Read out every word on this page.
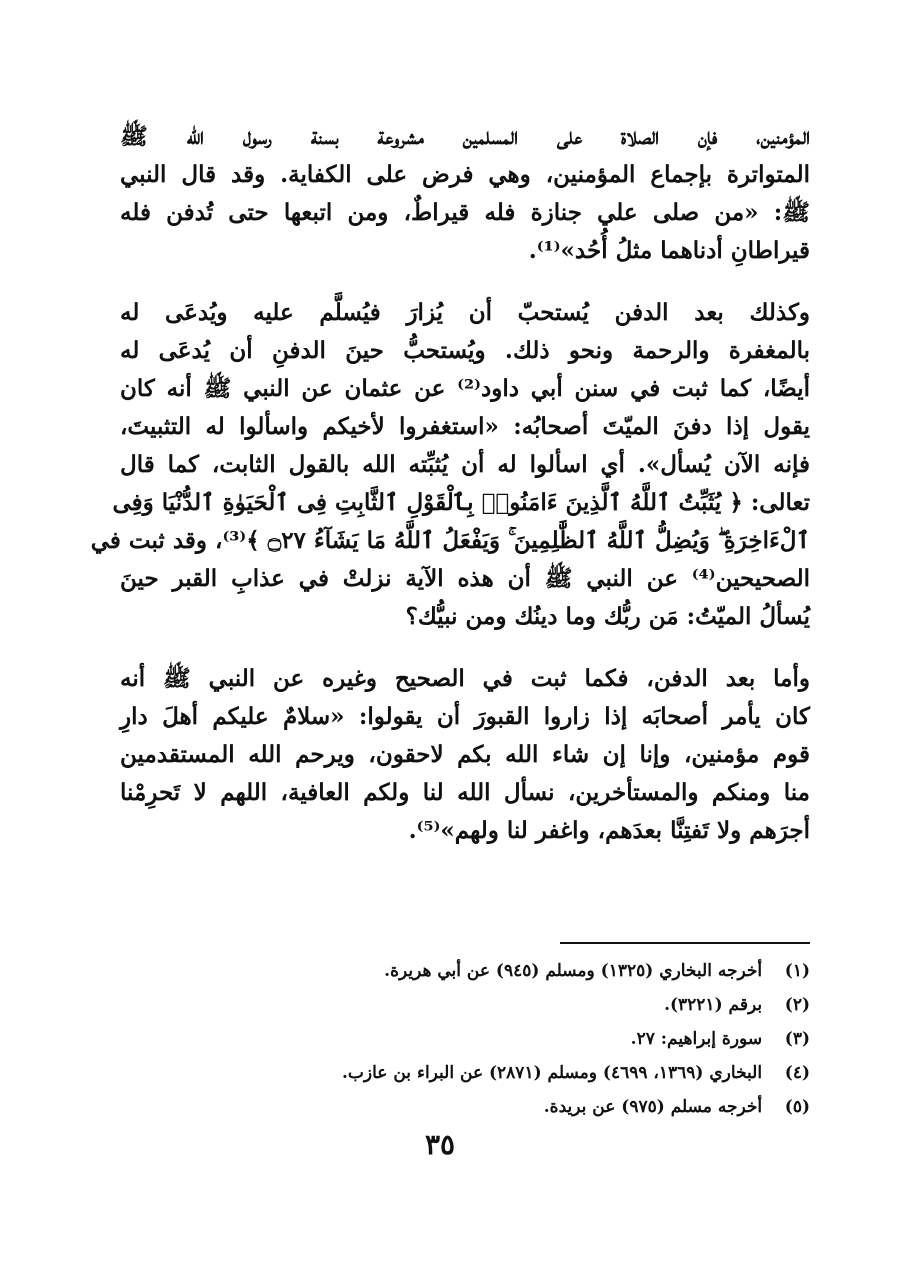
المؤمنين، فإن الصلاة على المسلمين مشروعة بسنة رسول الله ﷺ
المتواترة بإجماع المؤمنين، وهي فرض على الكفاية. وقد قال النبي
ﷺ: «من صلى علي جنازة فله قيراطٌ، ومن اتبعها حتى تُدفن فله
قيراطانِ أدناهما مثلُ أُحُد»⁽¹⁾.

وكذلك بعد الدفن يُستحبّ أن يُزارَ فيُسلَّم عليه ويُدعَى له
بالمغفرة والرحمة ونحو ذلك. ويُستحبُّ حينَ الدفنِ أن يُدعَى له
أيضًا، كما ثبت في سنن أبي داود⁽²⁾ عن عثمان عن النبي ﷺ أنه كان
يقول إذا دفنَ الميّتَ أصحابُه: «استغفروا لأخيكم واسألوا له التثبيتَ،
فإنه الآن يُسأل». أي اسألوا له أن يُثبِّته الله بالقول الثابت، كما قال
تعالى: ﴿ يُثَبِّتُ ٱللَّهُ ٱلَّذِينَ ءَامَنُوا۟ بِٱلْقَوْلِ ٱلثَّابِتِ فِى ٱلْحَيَوٰةِ ٱلدُّنْيَا وَفِى
ٱلْءَاخِرَةِ ۖ وَيُضِلُّ ٱللَّهُ ٱلظَّٰلِمِينَ ۚ وَيَفْعَلُ ٱللَّهُ مَا يَشَآءُ ۝٢٧ ﴾⁽³⁾، وقد ثبت في
الصحيحين⁽⁴⁾ عن النبي ﷺ أن هذه الآية نزلتْ في عذابِ القبر حينَ
يُسألُ الميّتُ: مَن ربُّك وما دينُك ومن نبيُّك؟

وأما بعد الدفن، فكما ثبت في الصحيح وغيره عن النبي ﷺ أنه
كان يأمر أصحابَه إذا زاروا القبورَ أن يقولوا: «سلامٌ عليكم أهلَ دارِ
قوم مؤمنين، وإنا إن شاء الله بكم لاحقون، ويرحم الله المستقدمين
منا ومنكم والمستأخرين، نسأل الله لنا ولكم العافية، اللهم لا تَحرِمْنا
أجرَهم ولا تَفتِنَّا بعدَهم، واغفر لنا ولهم»⁽⁵⁾.

(١) أخرجه البخاري (١٣٢٥) ومسلم (٩٤٥) عن أبي هريرة.
(٢) برقم (٣٢٢١).
(٣) سورة إبراهيم: ٢٧.
(٤) البخاري (١٣٦٩، ٤٦٩٩) ومسلم (٢٨٧١) عن البراء بن عازب.
(٥) أخرجه مسلم (٩٧٥) عن بريدة.
٣٥
